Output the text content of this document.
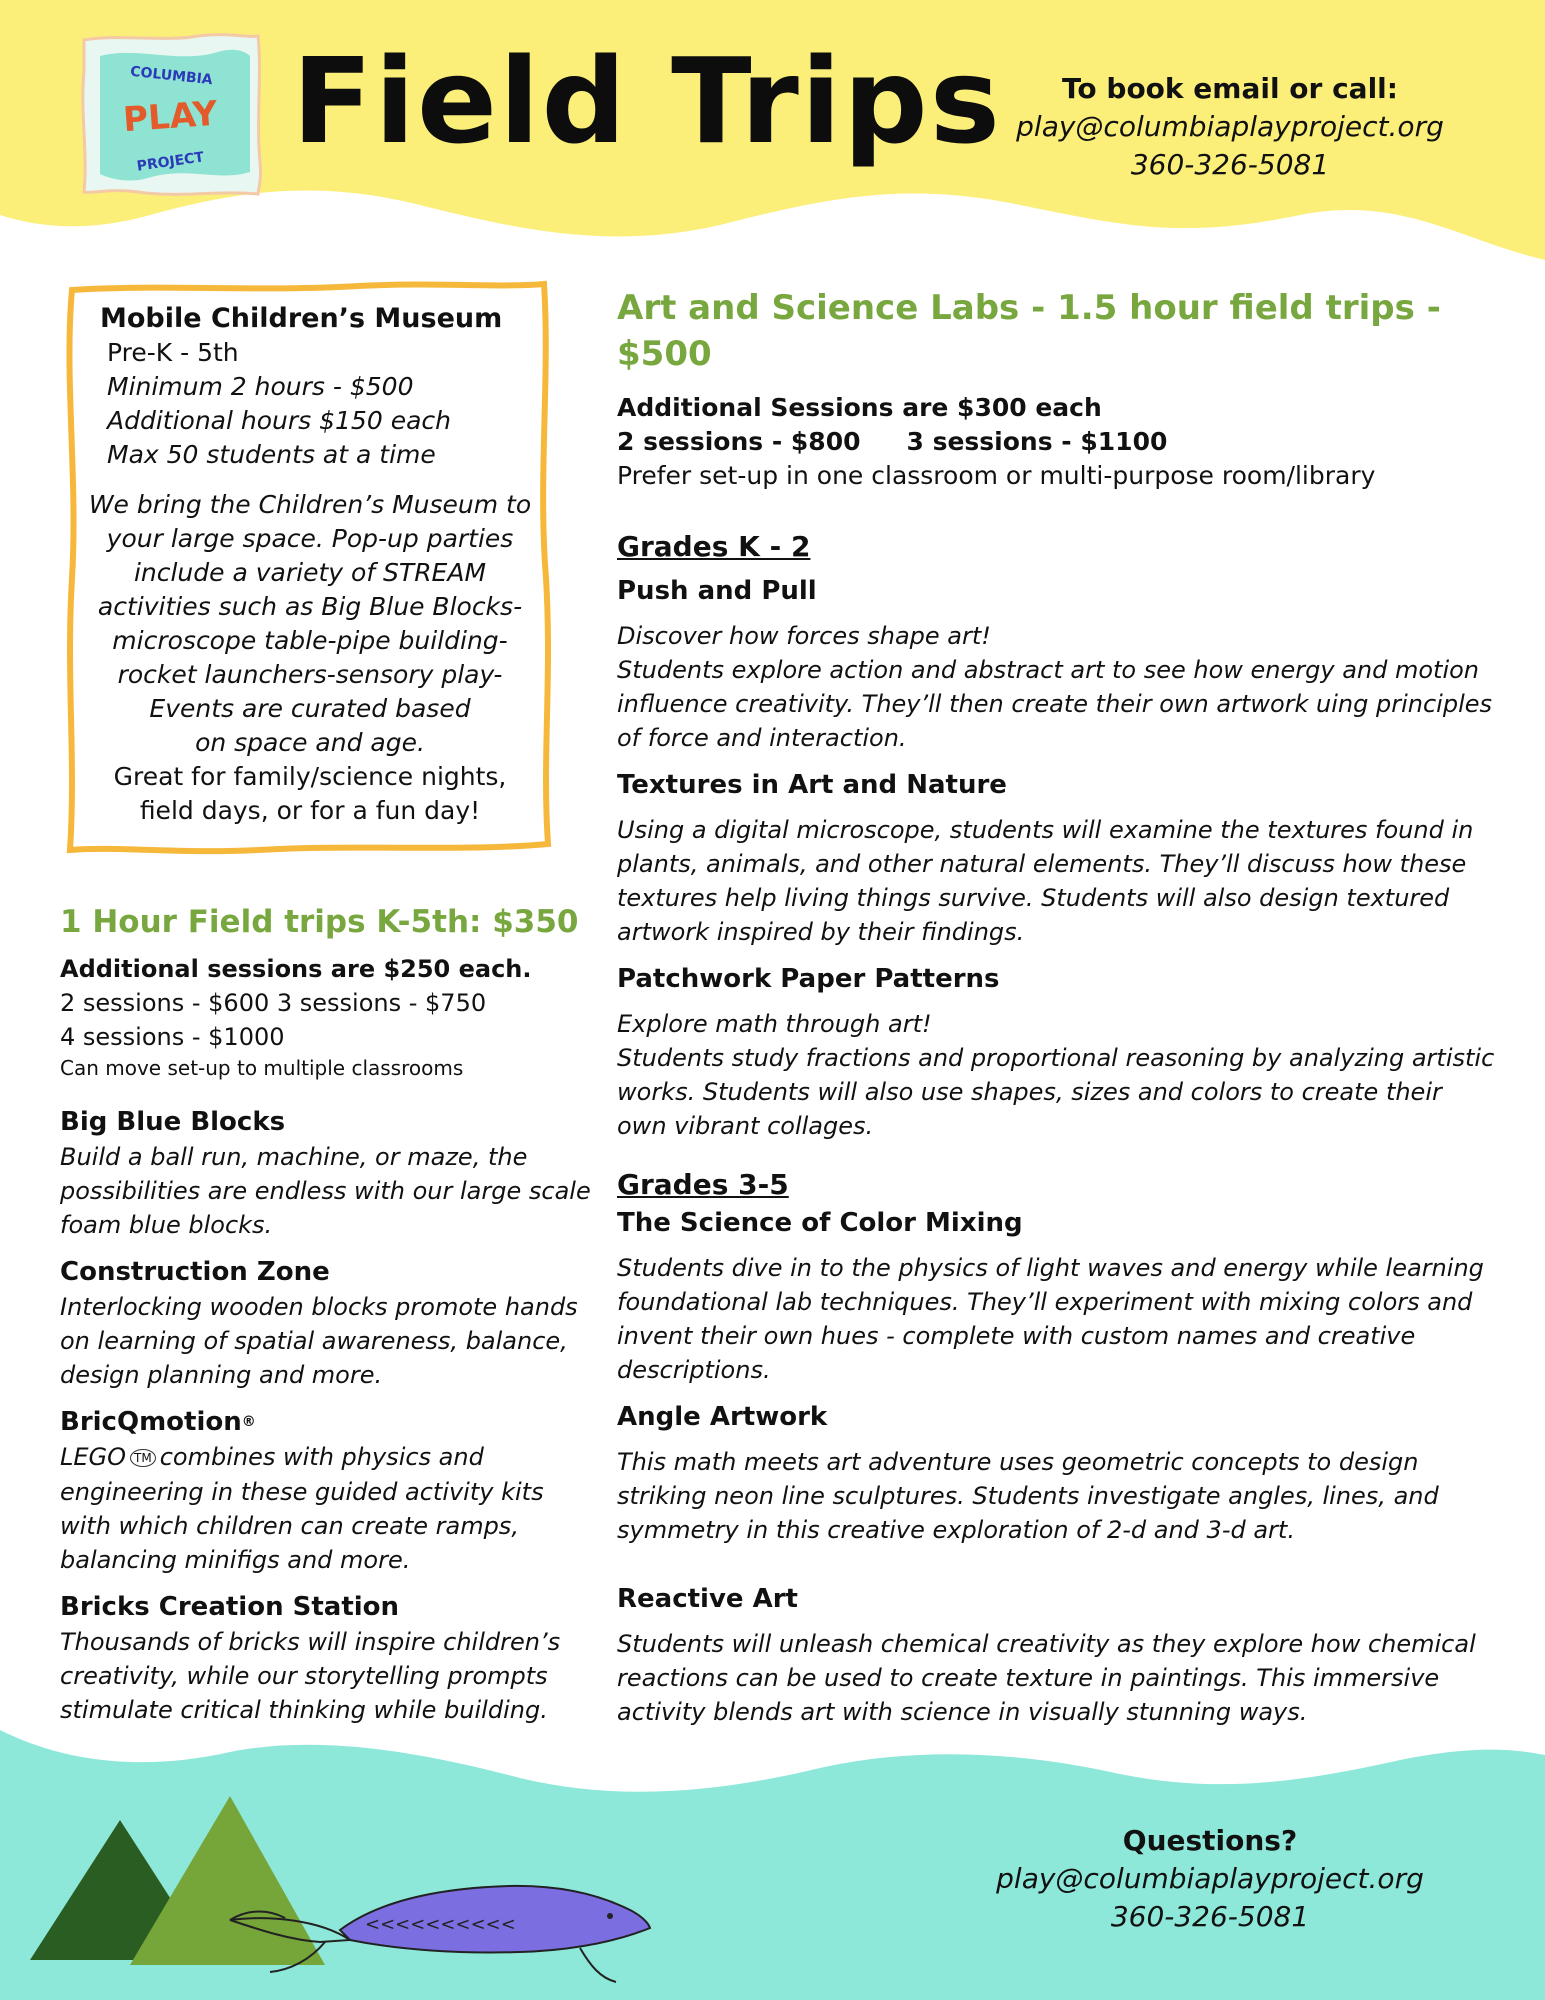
COLUMBIA
PLAY
PROJECT Field Trips	To book email or call:
play@columbiaplayproject.org
360-326-5081
Mobile Children’s Museum
Pre-K - 5th
Minimum 2 hours - $500
Additional hours $150 each
Max 50 students at a time
We bring the Children’s Museum to
your large space. Pop-up parties
include a variety of STREAM
activities such as Big Blue Blocks-
microscope table-pipe building-
rocket launchers-sensory play-
Events are curated based
on space and age.
Great for family/science nights,
field days, or for a fun day!
1 Hour Field trips K-5th: $350
Additional sessions are $250 each.
2 sessions - $600 3 sessions - $750
4 sessions - $1000
Can move set-up to multiple classrooms
Big Blue Blocks
Build a ball run, machine, or maze, the possibilities are endless with our large scale foam blue blocks.
Construction Zone
Interlocking wooden blocks promote hands on learning of spatial awareness, balance, design planning and more.
BricQmotion®
LEGO TM combines with physics and engineering in these guided activity kits with which children can create ramps, balancing minifigs and more.
Bricks Creation Station
Thousands of bricks will inspire children’s creativity, while our storytelling prompts stimulate critical thinking while building.
Art and Science Labs - 1.5 hour field trips - $500
Additional Sessions are $300 each
2 sessions - $800 3 sessions - $1100
Prefer set-up in one classroom or multi-purpose room/library
Grades K - 2
Push and Pull
Discover how forces shape art!
Students explore action and abstract art to see how energy and motion influence creativity. They’ll then create their own artwork uing principles of force and interaction.
Textures in Art and Nature
Using a digital microscope, students will examine the textures found in plants, animals, and other natural elements. They’ll discuss how these textures help living things survive. Students will also design textured artwork inspired by their findings.
Patchwork Paper Patterns
Explore math through art!
Students study fractions and proportional reasoning by analyzing artistic works. Students will also use shapes, sizes and colors to create their own vibrant collages.
Grades 3-5
The Science of Color Mixing
Students dive in to the physics of light waves and energy while learning foundational lab techniques. They’ll experiment with mixing colors and invent their own hues - complete with custom names and creative descriptions.
Angle Artwork
This math meets art adventure uses geometric concepts to design striking neon line sculptures. Students investigate angles, lines, and symmetry in this creative exploration of 2-d and 3-d art.
Reactive Art
Students will unleash chemical creativity as they explore how chemical reactions can be used to create texture in paintings. This immersive activity blends art with science in visually stunning ways.
<<<<<<<<<<
Questions?
play@columbiaplayproject.org
360-326-5081
